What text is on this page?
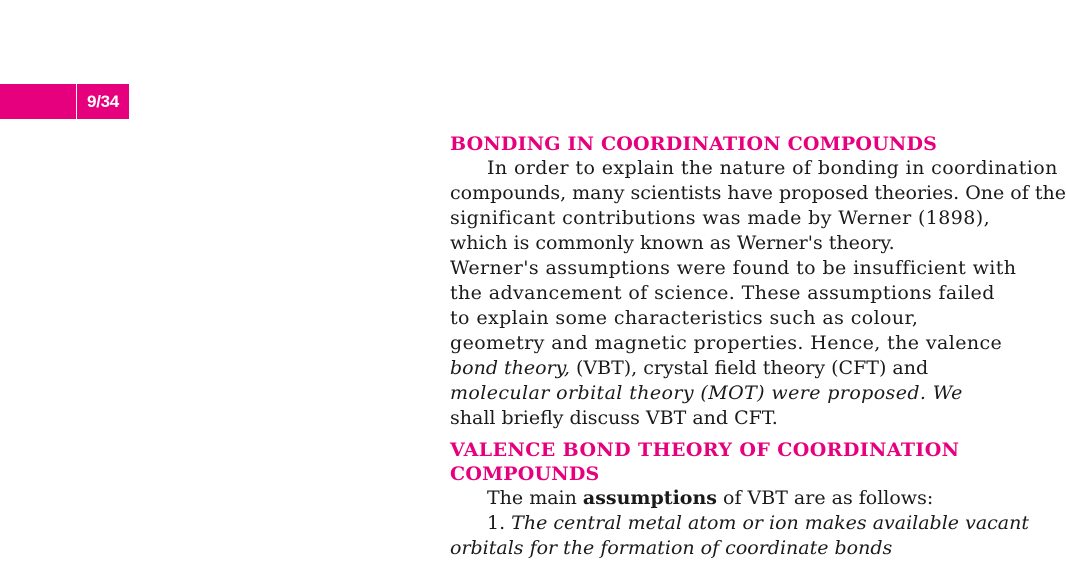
9/34
BONDING IN COORDINATION COMPOUNDS
In order to explain the nature of bonding in coordination
compounds, many scientists have proposed theories. One of the
significant contributions was made by Werner (1898),
which is commonly known as Werner's theory.
Werner's assumptions were found to be insufficient with
the advancement of science. These assumptions failed
to explain some characteristics such as colour,
geometry and magnetic properties. Hence, the valence
bond theory, (VBT), crystal field theory (CFT) and
molecular orbital theory (MOT) were proposed. We
shall briefly discuss VBT and CFT.
VALENCE BOND THEORY OF COORDINATION
COMPOUNDS
The main assumptions of VBT are as follows:
1. The central metal atom or ion makes available vacant
orbitals for the formation of coordinate bonds
